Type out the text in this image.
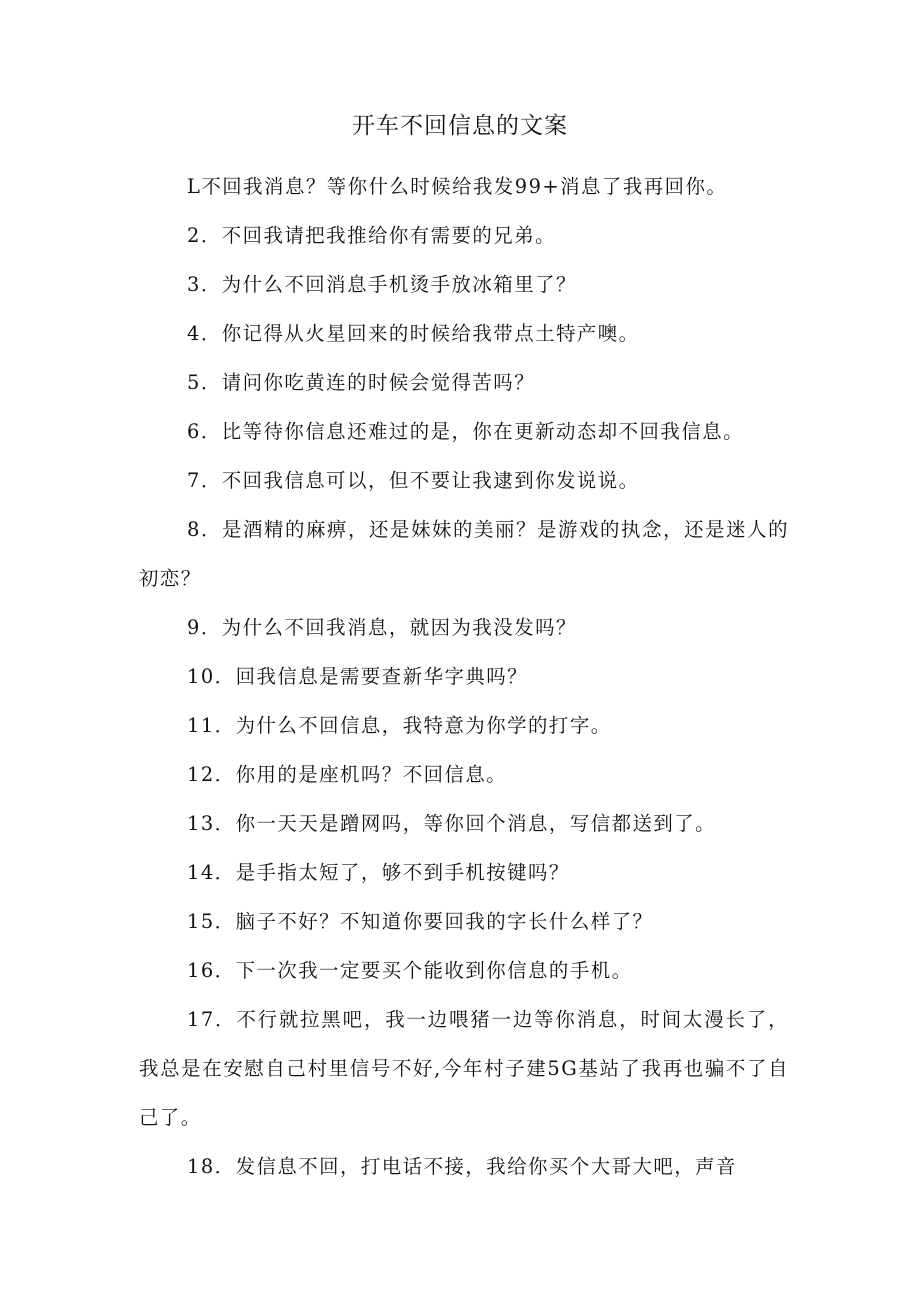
开车不回信息的文案

L不回我消息？等你什么时候给我发99+消息了我再回你。

2．不回我请把我推给你有需要的兄弟。

3．为什么不回消息手机烫手放冰箱里了？

4．你记得从火星回来的时候给我带点土特产噢。

5．请问你吃黄连的时候会觉得苦吗？

6．比等待你信息还难过的是，你在更新动态却不回我信息。

7．不回我信息可以，但不要让我逮到你发说说。

8．是酒精的麻痹，还是妹妹的美丽？是游戏的执念，还是迷人的初恋？

9．为什么不回我消息，就因为我没发吗？

10．回我信息是需要查新华字典吗？

11．为什么不回信息，我特意为你学的打字。

12．你用的是座机吗？不回信息。

13．你一天天是蹭网吗，等你回个消息，写信都送到了。

14．是手指太短了，够不到手机按键吗？

15．脑子不好？不知道你要回我的字长什么样了？

16．下一次我一定要买个能收到你信息的手机。

17．不行就拉黑吧，我一边喂猪一边等你消息，时间太漫长了，我总是在安慰自己村里信号不好,今年村子建5G基站了我再也骗不了自己了。

18．发信息不回，打电话不接，我给你买个大哥大吧，声音
